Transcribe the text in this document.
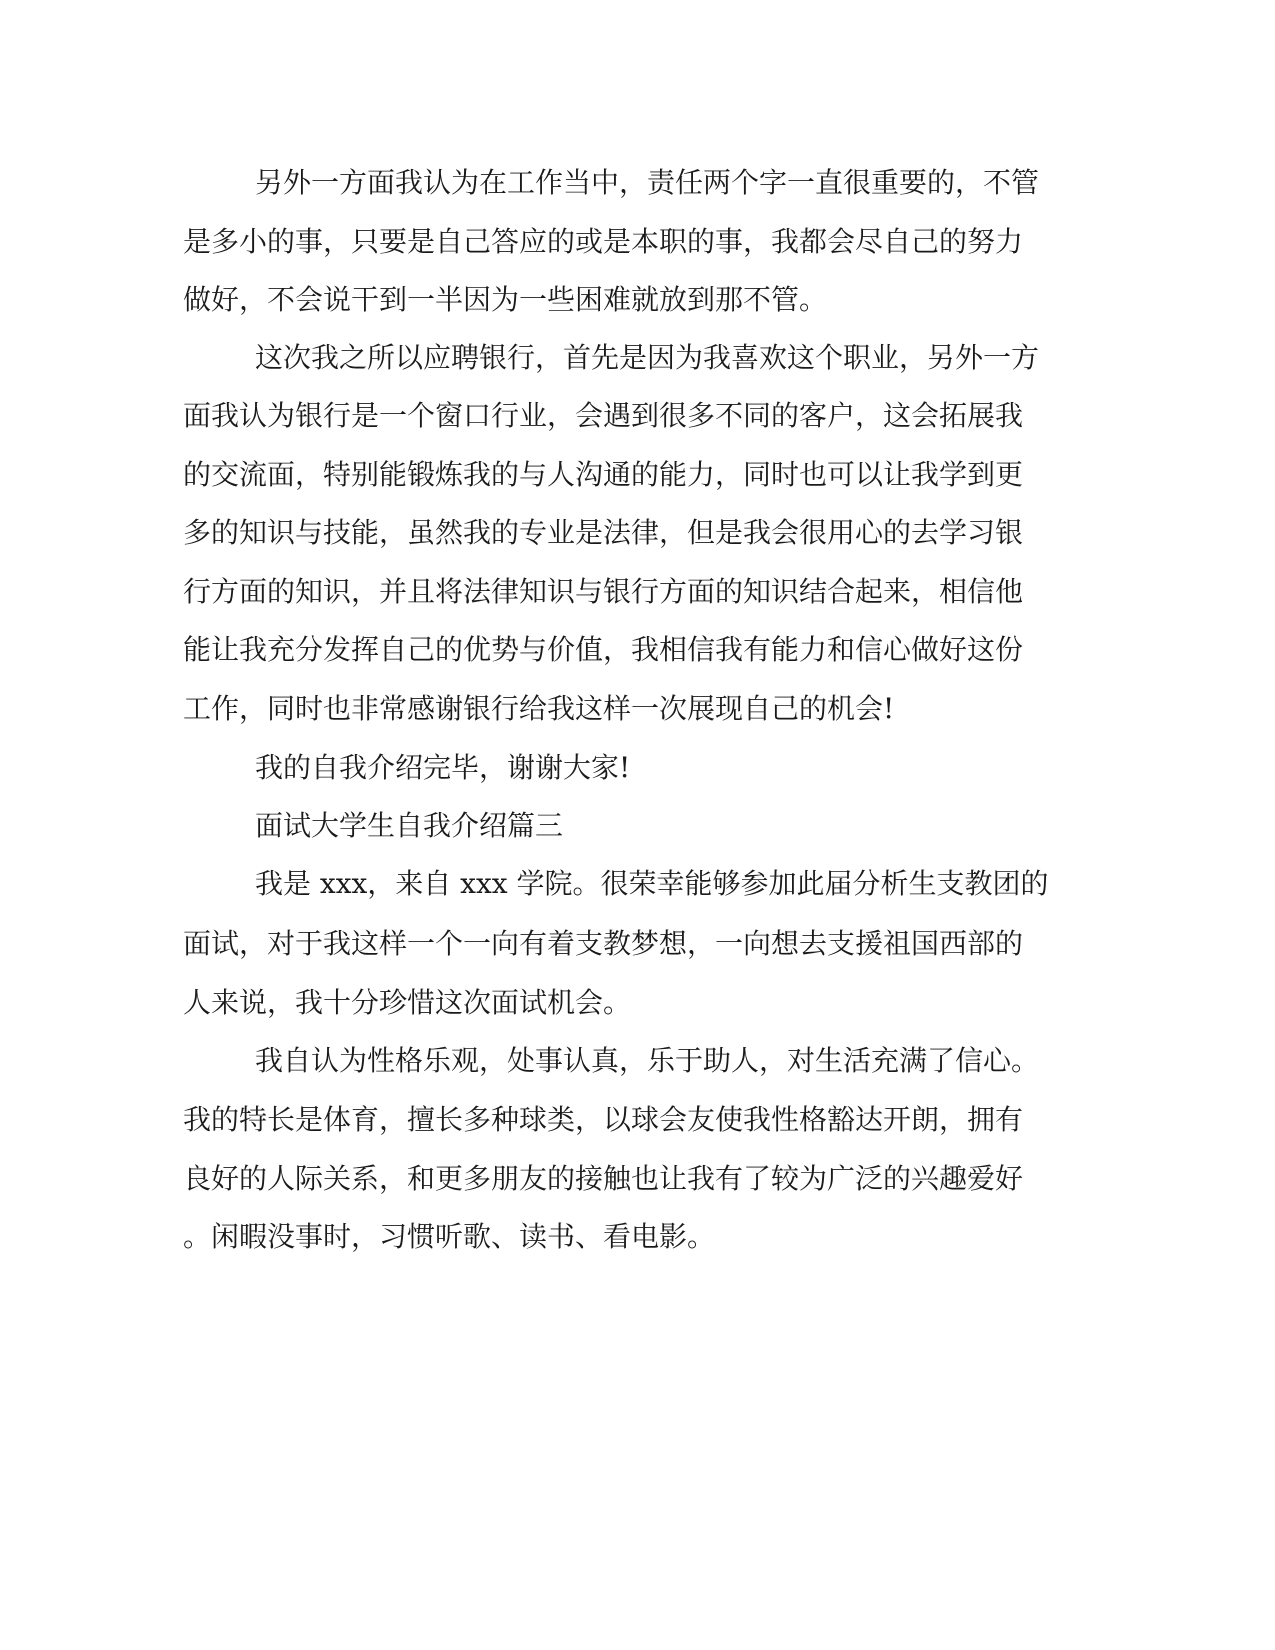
另外一方面我认为在工作当中，责任两个字一直很重要的，不管
是多小的事，只要是自己答应的或是本职的事，我都会尽自己的努力
做好，不会说干到一半因为一些困难就放到那不管。
这次我之所以应聘银行，首先是因为我喜欢这个职业，另外一方
面我认为银行是一个窗口行业，会遇到很多不同的客户，这会拓展我
的交流面，特别能锻炼我的与人沟通的能力，同时也可以让我学到更
多的知识与技能，虽然我的专业是法律，但是我会很用心的去学习银
行方面的知识，并且将法律知识与银行方面的知识结合起来，相信他
能让我充分发挥自己的优势与价值，我相信我有能力和信心做好这份
工作，同时也非常感谢银行给我这样一次展现自己的机会!
我的自我介绍完毕，谢谢大家!
面试大学生自我介绍篇三
我是 xxx，来自 xxx 学院。很荣幸能够参加此届分析生支教团的
面试，对于我这样一个一向有着支教梦想，一向想去支援祖国西部的
人来说，我十分珍惜这次面试机会。
我自认为性格乐观，处事认真，乐于助人，对生活充满了信心。
我的特长是体育，擅长多种球类，以球会友使我性格豁达开朗，拥有
良好的人际关系，和更多朋友的接触也让我有了较为广泛的兴趣爱好
。闲暇没事时，习惯听歌、读书、看电影。
